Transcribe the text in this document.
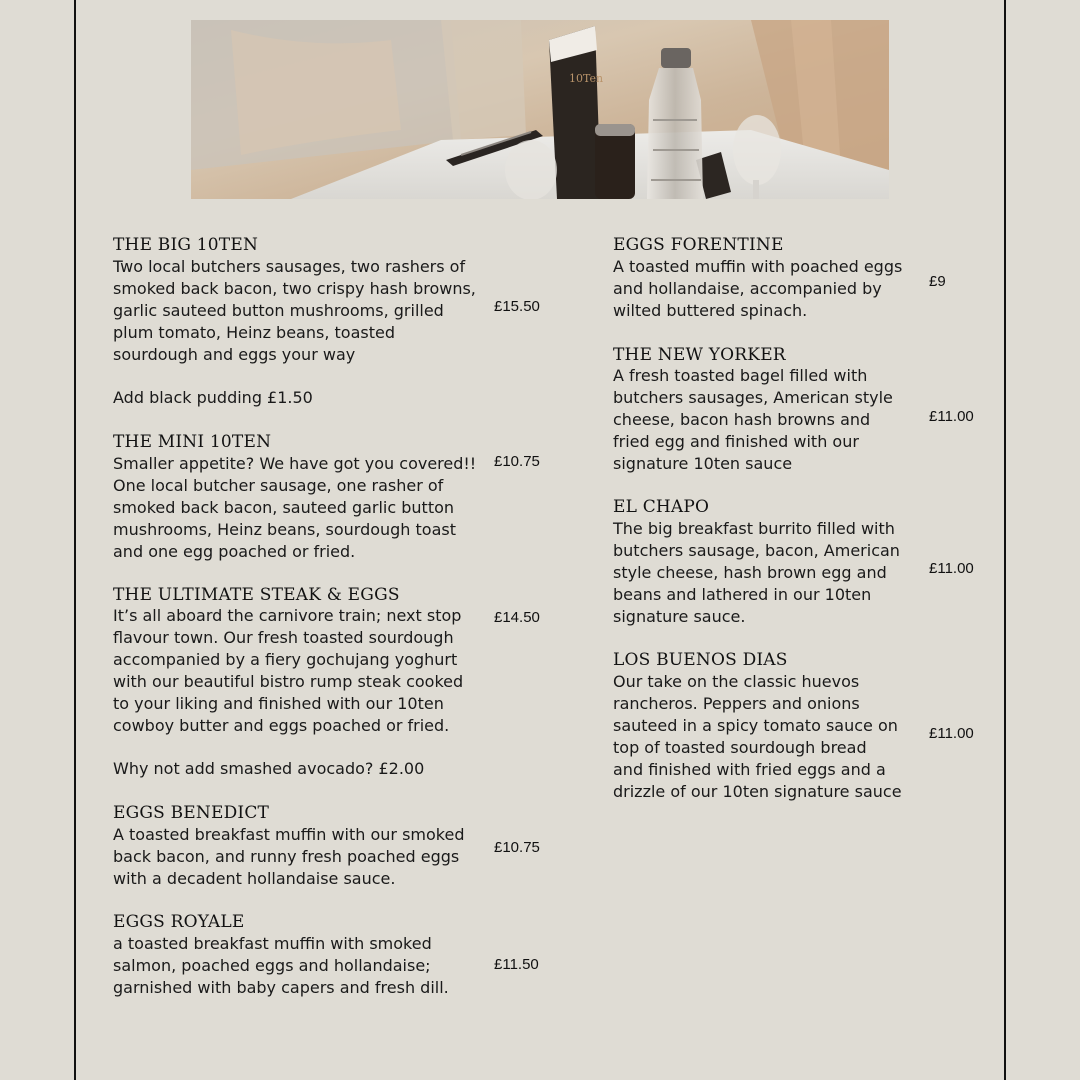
10Ten
THE BIG 10TEN
Two local butchers sausages, two rashers of
smoked back bacon, two crispy hash browns,
garlic sauteed button mushrooms, grilled
plum tomato, Heinz beans, toasted
sourdough and eggs your way
Add black pudding £1.50
£15.50
THE MINI 10TEN
Smaller appetite? We have got you covered!!
One local butcher sausage, one rasher of
smoked back bacon, sauteed garlic button
mushrooms, Heinz beans, sourdough toast
and one egg poached or fried.
£10.75
THE ULTIMATE STEAK & EGGS
It’s all aboard the carnivore train; next stop
flavour town. Our fresh toasted sourdough
accompanied by a fiery gochujang yoghurt
with our beautiful bistro rump steak cooked
to your liking and finished with our 10ten
cowboy butter and eggs poached or fried.
Why not add smashed avocado? £2.00
£14.50
EGGS BENEDICT
A toasted breakfast muffin with our smoked
back bacon, and runny fresh poached eggs
with a decadent hollandaise sauce.
£10.75
EGGS ROYALE
a toasted breakfast muffin with smoked
salmon, poached eggs and hollandaise;
garnished with baby capers and fresh dill.
£11.50
EGGS FORENTINE
A toasted muffin with poached eggs
and hollandaise, accompanied by
wilted buttered spinach.
£9
THE NEW YORKER
A fresh toasted bagel filled with
butchers sausages, American style
cheese, bacon hash browns and
fried egg and finished with our
signature 10ten sauce
£11.00
EL CHAPO
The big breakfast burrito filled with
butchers sausage, bacon, American
style cheese, hash brown egg and
beans and lathered in our 10ten
signature sauce.
£11.00
LOS BUENOS DIAS
Our take on the classic huevos
rancheros. Peppers and onions
sauteed in a spicy tomato sauce on
top of toasted sourdough bread
and finished with fried eggs and a
drizzle of our 10ten signature sauce
£11.00
